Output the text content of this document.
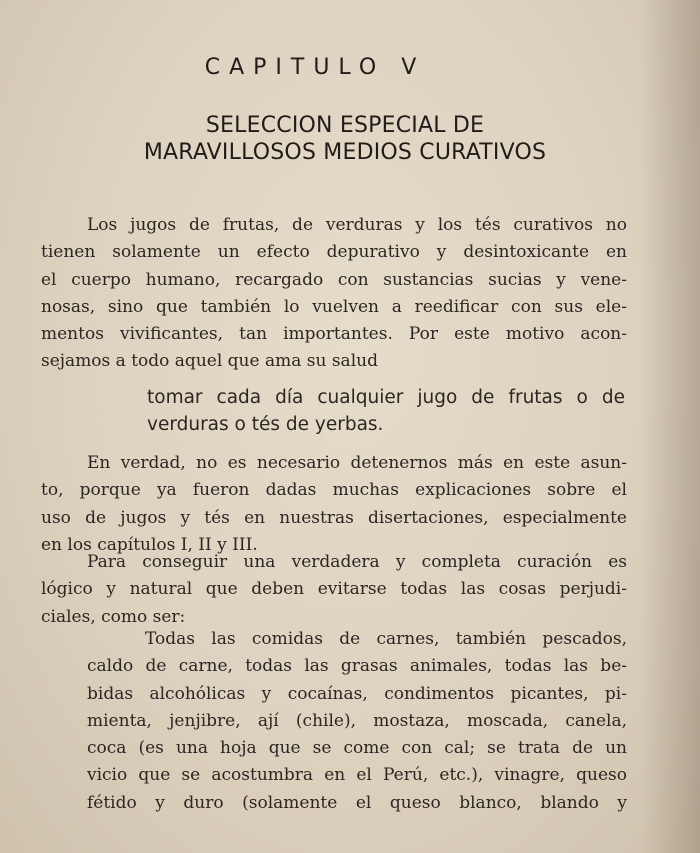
CAPITULO V
SELECCION ESPECIAL DE
MARAVILLOSOS MEDIOS CURATIVOS

Los jugos de frutas, de verduras y los tés curativos no
tienen solamente un efecto depurativo y desintoxicante en
el cuerpo humano, recargado con sustancias sucias y vene-
nosas, sino que también lo vuelven a reedificar con sus ele-
mentos vivificantes, tan importantes. Por este motivo acon-
sejamos a todo aquel que ama su salud

tomar cada día cualquier jugo de frutas o de
verduras o tés de yerbas.

En verdad, no es necesario detenernos más en este asun-
to, porque ya fueron dadas muchas explicaciones sobre el
uso de jugos y tés en nuestras disertaciones, especialmente
en los capítulos I, II y III.

Para conseguir una verdadera y completa curación es
lógico y natural que deben evitarse todas las cosas perjudi-
ciales, como ser:

Todas las comidas de carnes, también pescados,
caldo de carne, todas las grasas animales, todas las be-
bidas alcohólicas y cocaínas, condimentos picantes, pi-
mienta, jenjibre, ají (chile), mostaza, moscada, canela,
coca (es una hoja que se come con cal; se trata de un
vicio que se acostumbra en el Perú, etc.), vinagre, queso
fétido y duro (solamente el queso blanco, blando y
